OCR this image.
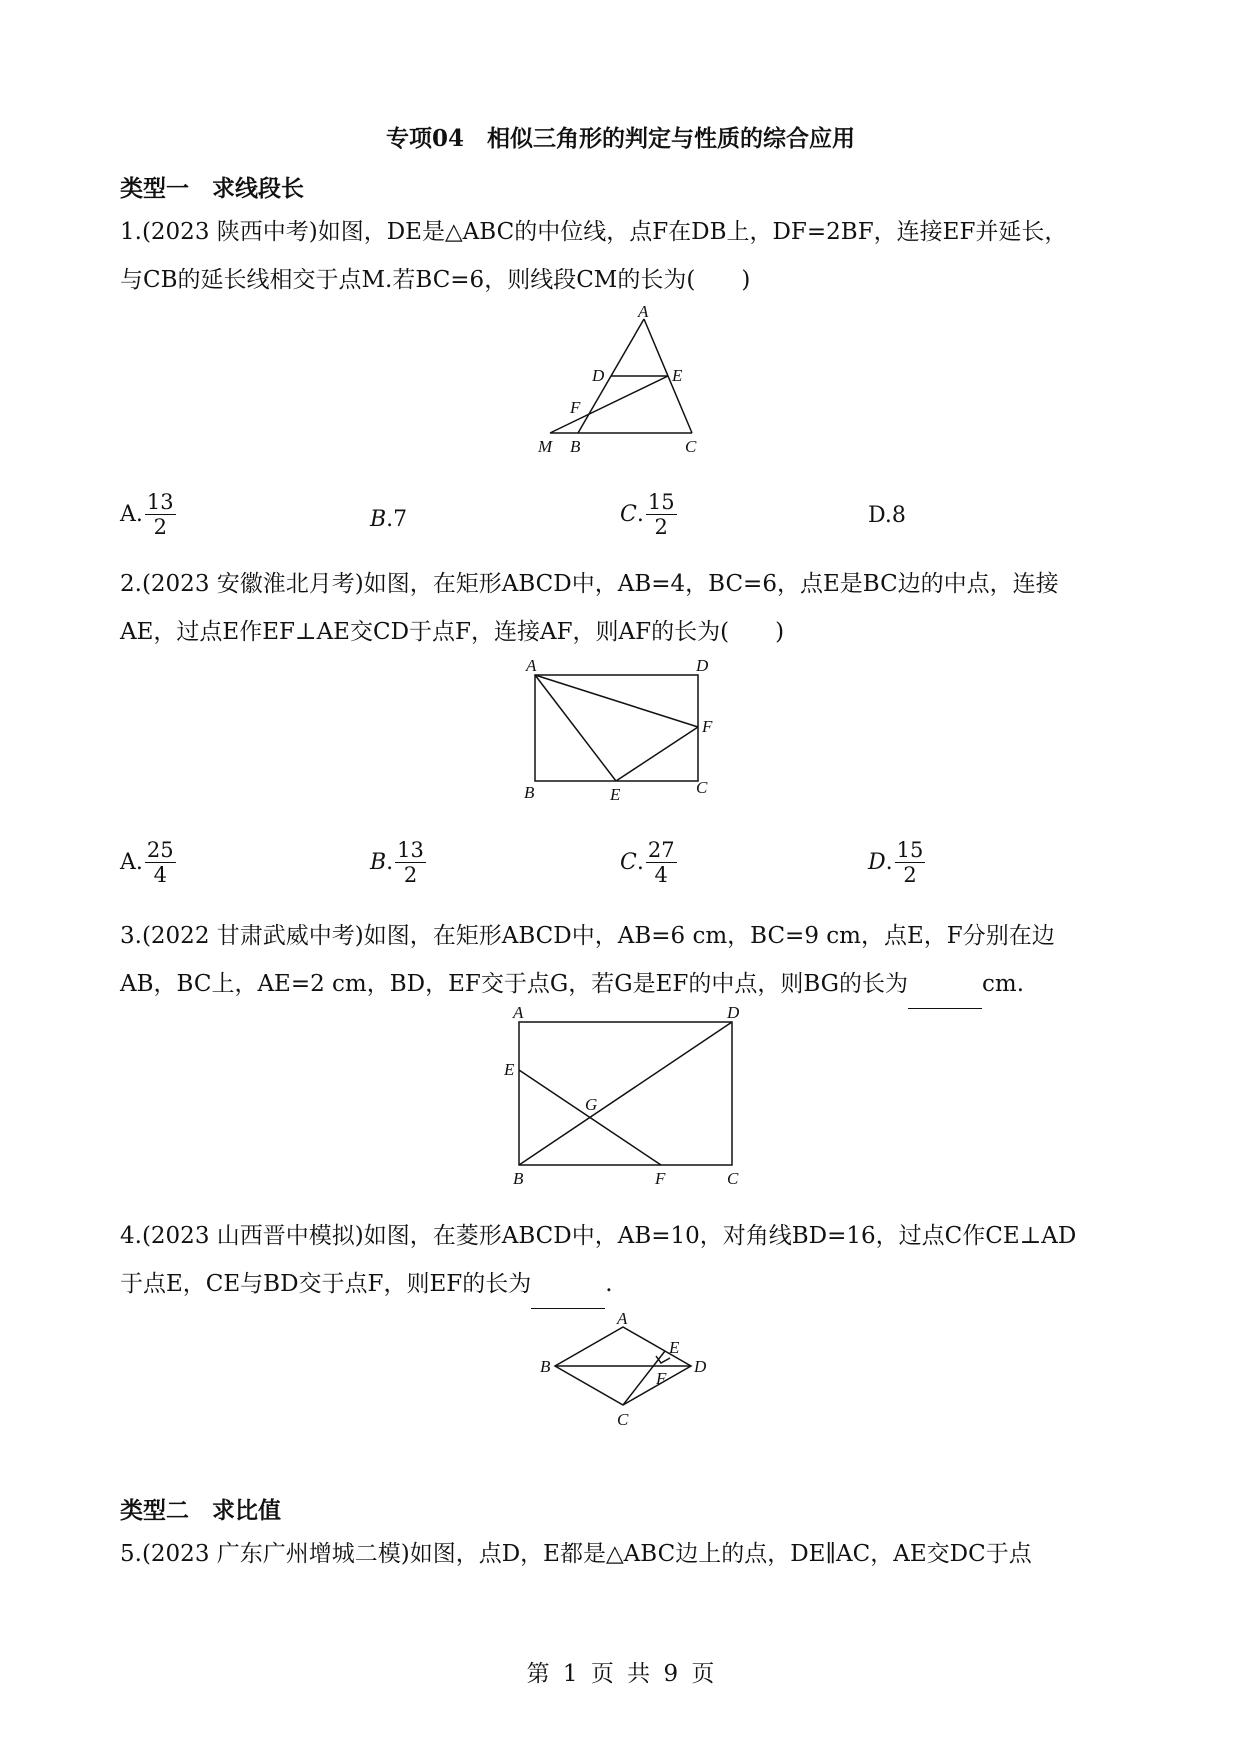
专项04　相似三角形的判定与性质的综合应用
类型一　求线段长
1.(2023 陕西中考)如图，DE是△ABC的中位线，点F在DB上，DF=2BF，连接EF并延长，
与CB的延长线相交于点M.若BC=6，则线段CM的长为(　　)
A
D	E
F
M B	C
A. $\frac{13}{2}$	B .7	C . $\frac{15}{2}$	D.8
2.(2023 安徽淮北月考)如图，在矩形ABCD中，AB=4，BC=6，点E是BC边的中点，连接
AE，过点E作EF⊥AE交CD于点F，连接AF，则AF的长为(　　)
A	D
F
B	E	C
A. $\frac{25}{4}$	B . $\frac{13}{2}$	C . $\frac{27}{4}$	D . $\frac{15}{2}$
3.(2022 甘肃武威中考)如图，在矩形ABCD中，AB=6 cm，BC=9 cm，点E，F分别在边
AB，BC上，AE=2 cm，BD，EF交于点G，若G是EF的中点，则BG的长为	cm.
A	D
E
G
B	F	C
4.(2023 山西晋中模拟)如图，在菱形ABCD中，AB=10，对角线BD=16，过点C作CE⊥AD
于点E，CE与BD交于点F，则EF的长为	.
A
B
E
D
F
C
类型二　求比值
5.(2023 广东广州增城二模)如图，点D，E都是△ABC边上的点，DE∥AC，AE交DC于点
第 1 页 共 9 页
